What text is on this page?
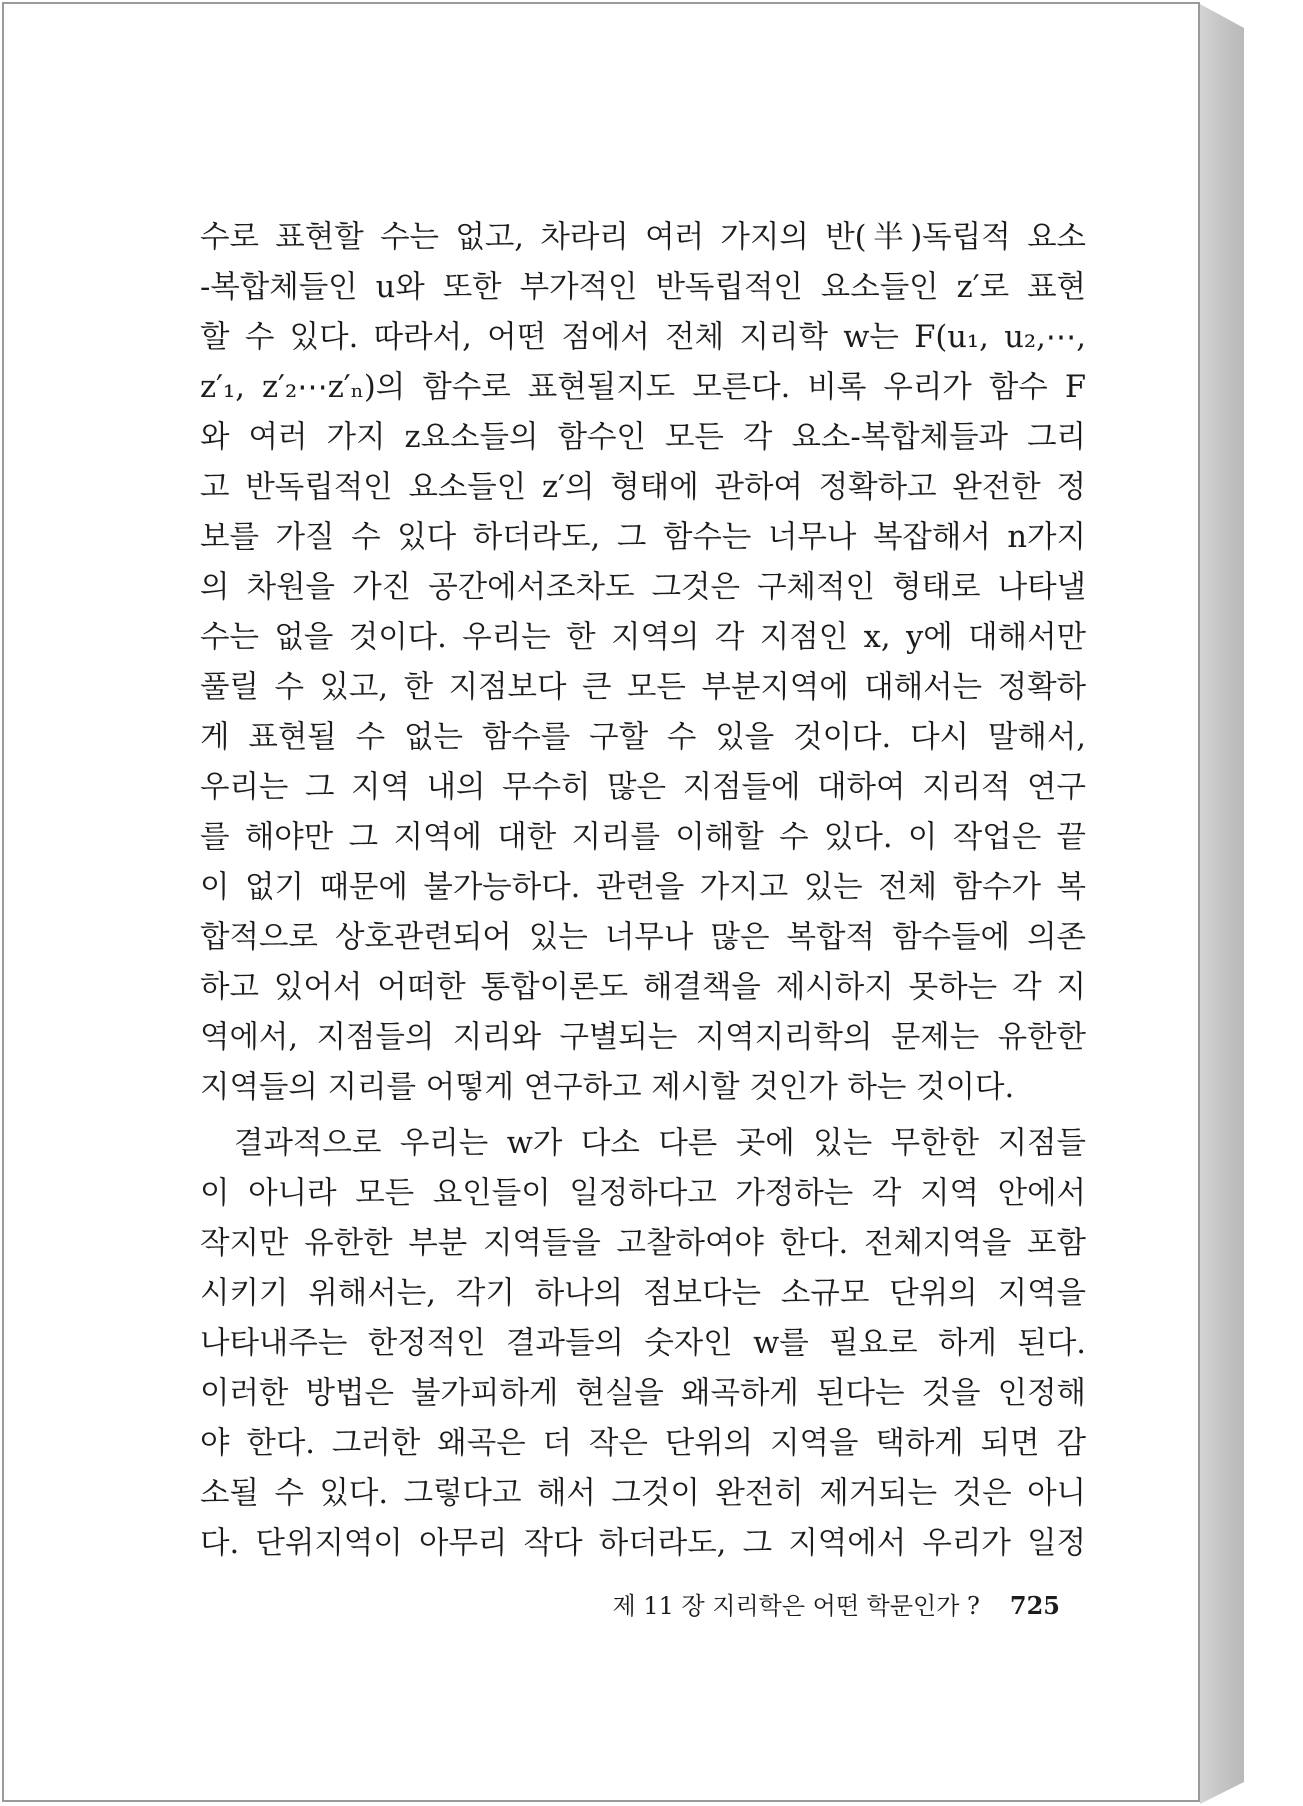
수로 표현할 수는 없고, 차라리 여러 가지의 반(半)독립적 요소
-복합체들인 u와 또한 부가적인 반독립적인 요소들인 z′로 표현
할 수 있다. 따라서, 어떤 점에서 전체 지리학 w는 F(u₁, u₂,⋯,
z′₁, z′₂⋯z′ₙ)의 함수로 표현될지도 모른다. 비록 우리가 함수 F
와 여러 가지 z요소들의 함수인 모든 각 요소-복합체들과 그리
고 반독립적인 요소들인 z′의 형태에 관하여 정확하고 완전한 정
보를 가질 수 있다 하더라도, 그 함수는 너무나 복잡해서 n가지
의 차원을 가진 공간에서조차도 그것은 구체적인 형태로 나타낼
수는 없을 것이다. 우리는 한 지역의 각 지점인 x, y에 대해서만
풀릴 수 있고, 한 지점보다 큰 모든 부분지역에 대해서는 정확하
게 표현될 수 없는 함수를 구할 수 있을 것이다. 다시 말해서,
우리는 그 지역 내의 무수히 많은 지점들에 대하여 지리적 연구
를 해야만 그 지역에 대한 지리를 이해할 수 있다. 이 작업은 끝
이 없기 때문에 불가능하다. 관련을 가지고 있는 전체 함수가 복
합적으로 상호관련되어 있는 너무나 많은 복합적 함수들에 의존
하고 있어서 어떠한 통합이론도 해결책을 제시하지 못하는 각 지
역에서, 지점들의 지리와 구별되는 지역지리학의 문제는 유한한
지역들의 지리를 어떻게 연구하고 제시할 것인가 하는 것이다.
결과적으로 우리는 w가 다소 다른 곳에 있는 무한한 지점들
이 아니라 모든 요인들이 일정하다고 가정하는 각 지역 안에서
작지만 유한한 부분 지역들을 고찰하여야 한다. 전체지역을 포함
시키기 위해서는, 각기 하나의 점보다는 소규모 단위의 지역을
나타내주는 한정적인 결과들의 숫자인 w를 필요로 하게 된다.
이러한 방법은 불가피하게 현실을 왜곡하게 된다는 것을 인정해
야 한다. 그러한 왜곡은 더 작은 단위의 지역을 택하게 되면 감
소될 수 있다. 그렇다고 해서 그것이 완전히 제거되는 것은 아니
다. 단위지역이 아무리 작다 하더라도, 그 지역에서 우리가 일정
제 11 장 지리학은 어떤 학문인가 ? 725
